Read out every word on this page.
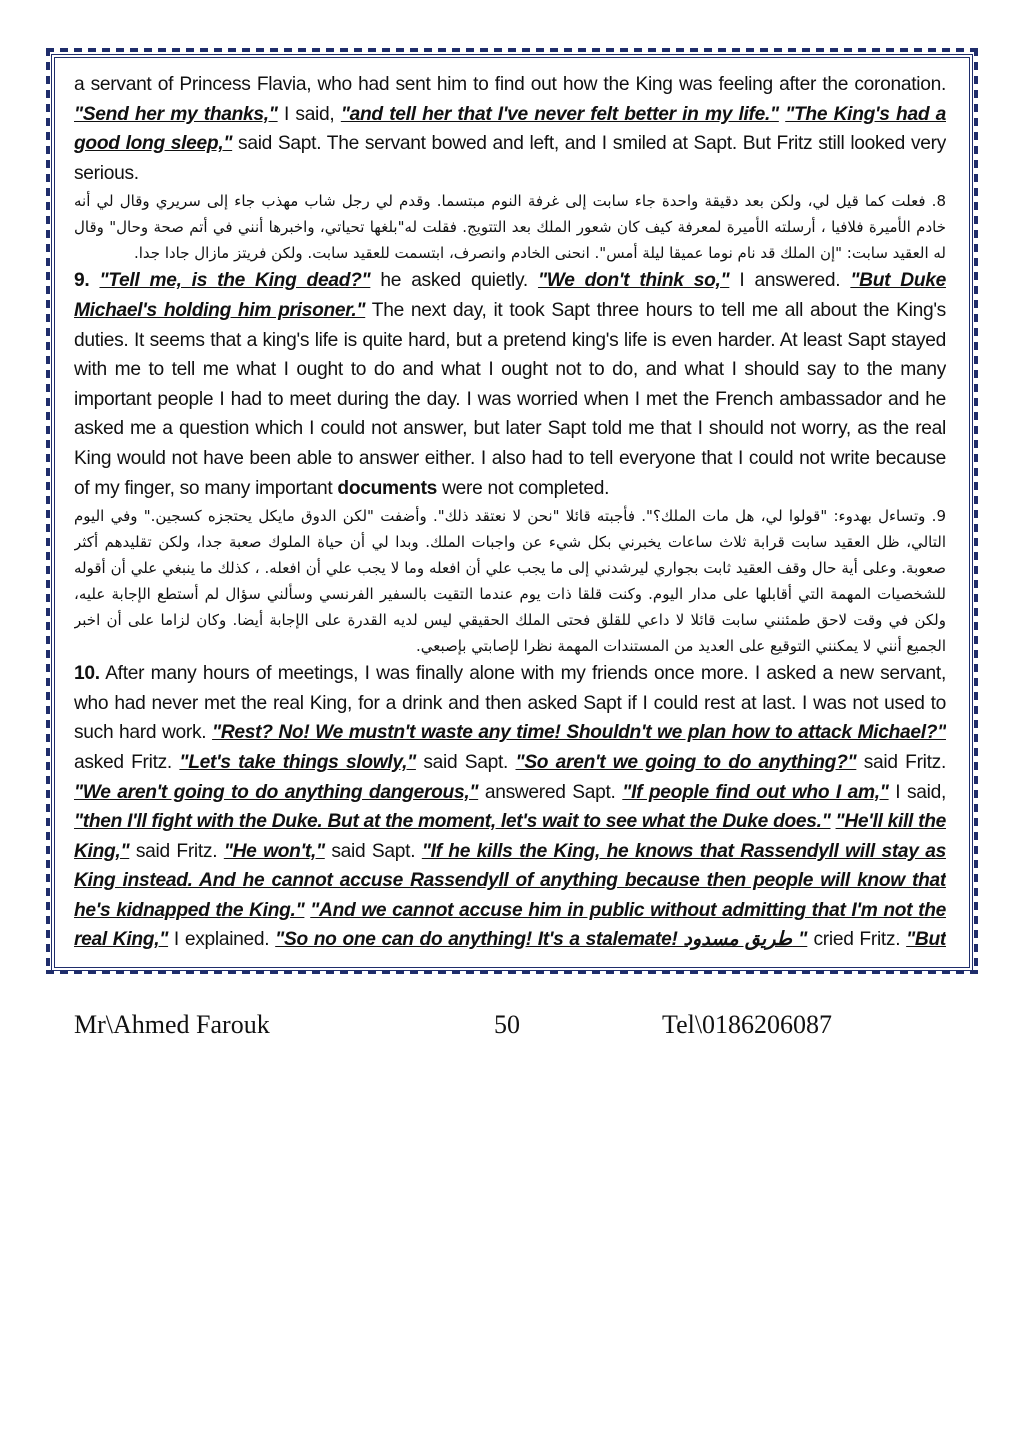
a servant of Princess Flavia, who had sent him to find out how the King was feeling after the coronation. "Send her my thanks," I said, "and tell her that I've never felt better in my life." "The King's had a good long sleep," said Sapt. The servant bowed and left, and I smiled at Sapt. But Fritz still looked very serious.

8. فعلت كما قيل لي، ولكن بعد دقيقة واحدة جاء سابت إلى غرفة النوم مبتسما. وقدم لي رجل شاب مهذب جاء إلى سريري وقال لي أنه خادم الأميرة فلافيا ، أرسلته الأميرة لمعرفة كيف كان شعور الملك بعد التتويج. فقلت له"بلغها تحياتي، واخبرها أنني في أتم صحة وحال" وقال له العقيد سابت: "إن الملك قد نام نوما عميقا ليلة أمس". انحنى الخادم وانصرف، ابتسمت للعقيد سابت. ولكن فريتز مازال جادا جدا.

9. "Tell me, is the King dead?" he asked quietly. "We don't think so," I answered. "But Duke Michael's holding him prisoner." The next day, it took Sapt three hours to tell me all about the King's duties. It seems that a king's life is quite hard, but a pretend king's life is even harder. At least Sapt stayed with me to tell me what I ought to do and what I ought not to do, and what I should say to the many important people I had to meet during the day. I was worried when I met the French ambassador and he asked me a question which I could not answer, but later Sapt told me that I should not worry, as the real King would not have been able to answer either. I also had to tell everyone that I could not write because of my finger, so many important documents were not completed.

9. وتساءل بهدوء: "قولوا لي، هل مات الملك؟". فأجبته قائلا "نحن لا نعتقد ذلك". وأضفت "لكن الدوق مايكل يحتجزه كسجين." وفي اليوم التالي، ظل العقيد سابت قرابة ثلاث ساعات يخبرني بكل شيء عن واجبات الملك. وبدا لي أن حياة الملوك صعبة جدا، ولكن تقليدهم أكثر صعوبة. وعلى أية حال وقف العقيد ثابت بجواري ليرشدني إلى ما يجب علي أن افعله وما لا يجب علي أن افعله. ، كذلك ما ينبغي علي أن أقوله للشخصيات المهمة التي أقابلها على مدار اليوم. وكنت قلقا ذات يوم عندما التقيت بالسفير الفرنسي وسألني سؤال لم أستطع الإجابة عليه، ولكن في وقت لاحق طمئنني سابت قائلا لا داعي للقلق فحتى الملك الحقيقي ليس لديه القدرة على الإجابة أيضا. وكان لزاما على أن اخبر الجميع أنني لا يمكنني التوقيع على العديد من المستندات المهمة نظرا لإصابتي بإصبعي.

10. After many hours of meetings, I was finally alone with my friends once more. I asked a new servant, who had never met the real King, for a drink and then asked Sapt if I could rest at last. I was not used to such hard work. "Rest? No! We mustn't waste any time! Shouldn't we plan how to attack Michael?" asked Fritz. "Let's take things slowly," said Sapt. "So aren't we going to do anything?" said Fritz. "We aren't going to do anything dangerous," answered Sapt. "If people find out who I am," I said, "then I'll fight with the Duke. But at the moment, let's wait to see what the Duke does." "He'll kill the King," said Fritz. "He won't," said Sapt. "If he kills the King, he knows that Rassendyll will stay as King instead. And he cannot accuse Rassendyll of anything because then people will know that he's kidnapped the King." "And we cannot accuse him in public without admitting that I'm not the real King," I explained. "So no one can do anything! It's a stalemate! طريق مسدود " cried Fritz. "But

Mr\Ahmed Farouk	50	Tel\0186206087
